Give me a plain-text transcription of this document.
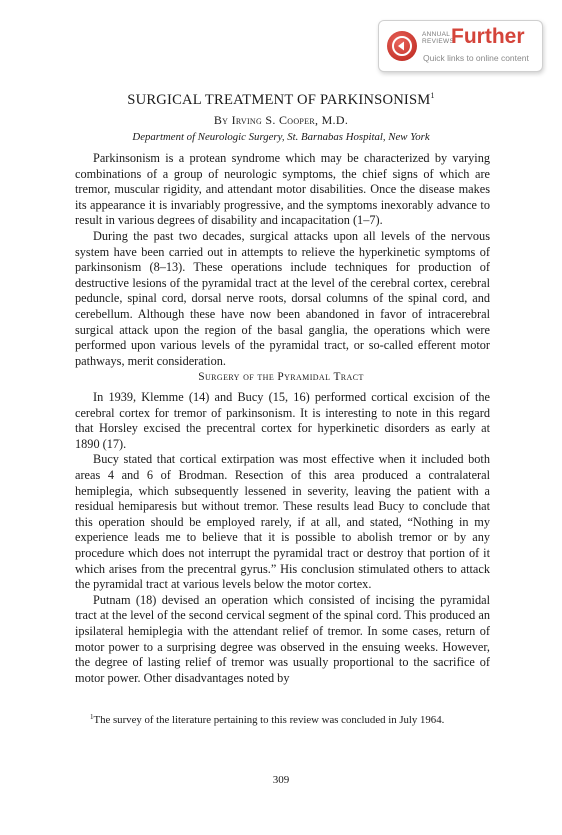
ANNUAL
REVIEWS
Further
Quick links to online content
SURGICAL TREATMENT OF PARKINSONISM$^1$
By Irving S. Cooper, M.D.
Department of Neurologic Surgery, St. Barnabas Hospital, New York

Parkinsonism is a protean syndrome which may be characterized by varying combinations of a group of neurologic symptoms, the chief signs of which are tremor, muscular rigidity, and attendant motor disabilities. Once the disease makes its appearance it is invariably progressive, and the symptoms inexorably advance to result in various degrees of disability and incapacitation (1–7).

During the past two decades, surgical attacks upon all levels of the nervous system have been carried out in attempts to relieve the hyperkinetic symptoms of parkinsonism (8–13). These operations include techniques for production of destructive lesions of the pyramidal tract at the level of the cerebral cortex, cerebral peduncle, spinal cord, dorsal nerve roots, dorsal columns of the spinal cord, and cerebellum. Although these have now been abandoned in favor of intracerebral surgical attack upon the region of the basal ganglia, the operations which were performed upon various levels of the pyramidal tract, or so-called efferent motor pathways, merit consideration.

Surgery of the Pyramidal Tract

In 1939, Klemme (14) and Bucy (15, 16) performed cortical excision of the cerebral cortex for tremor of parkinsonism. It is interesting to note in this regard that Horsley excised the precentral cortex for hyperkinetic disorders as early at 1890 (17).

Bucy stated that cortical extirpation was most effective when it included both areas 4 and 6 of Brodman. Resection of this area produced a contralateral hemiplegia, which subsequently lessened in severity, leaving the patient with a residual hemiparesis but without tremor. These results lead Bucy to conclude that this operation should be employed rarely, if at all, and stated, “Nothing in my experience leads me to believe that it is possible to abolish tremor or by any procedure which does not interrupt the pyramidal tract or destroy that portion of it which arises from the precentral gyrus.” His conclusion stimulated others to attack the pyramidal tract at various levels below the motor cortex.

Putnam (18) devised an operation which consisted of incising the pyramidal tract at the level of the second cervical segment of the spinal cord. This produced an ipsilateral hemiplegia with the attendant relief of tremor. In some cases, return of motor power to a surprising degree was observed in the ensuing weeks. However, the degree of lasting relief of tremor was usually proportional to the sacrifice of motor power. Other disadvantages noted by

$^1$The survey of the literature pertaining to this review was concluded in July 1964.
309
